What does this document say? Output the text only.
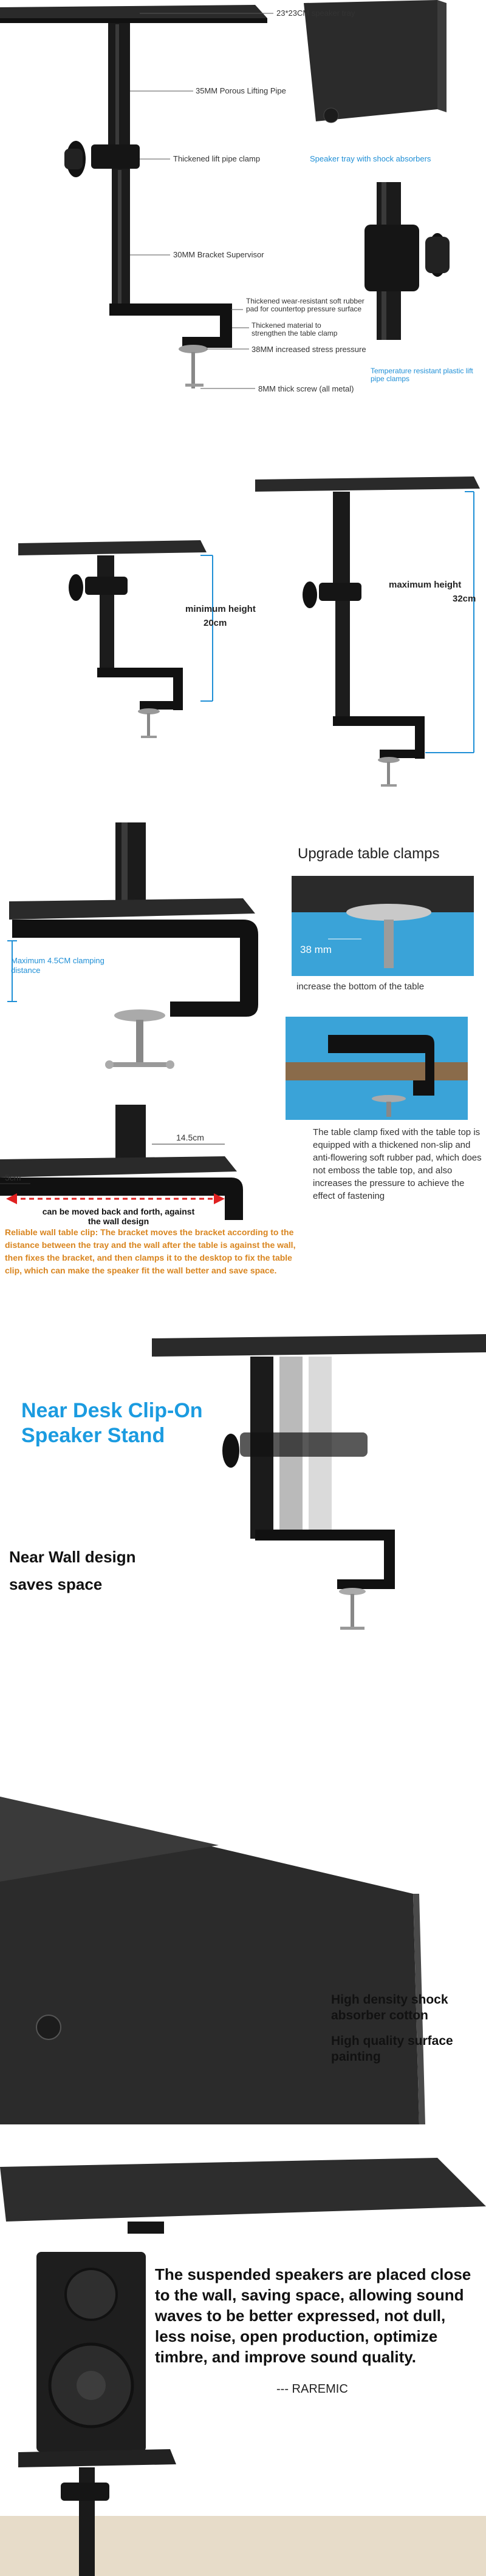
23*23CM speaker tray
35MM Porous Lifting Pipe
Thickened lift pipe clamp	Speaker tray with shock absorbers
30MM Bracket Supervisor
Thickened wear-resistant soft rubber pad for countertop pressure surface
Thickened material to strengthen the table clamp
38MM increased stress pressure
Temperature resistant plastic lift pipe clamps
8MM thick screw (all metal)
minimum height
20cm
maximum height
32cm
Upgrade table clamps
Maximum 4.5CM clamping distance
38 mm
increase the bottom of the table
The table clamp fixed with the table top is equipped with a thickened non-slip and anti-flowering soft rubber pad, which does not emboss the table top, and also increases the pressure to achieve the effect of fastening
14.5cm
5cm
can be moved back and forth, against the wall design
Reliable wall table clip: The bracket moves the bracket according to the distance between the tray and the wall after the table is against the wall, then fixes the bracket, and then clamps it to the desktop to fix the table clip, which can make the speaker fit the wall better and save space.
Near Desk Clip-On
Speaker Stand
Near Wall design
saves space
High density shock absorber cotton
High quality surface painting
The suspended speakers are placed close to the wall, saving space, allowing sound waves to be better expressed, not dull, less noise, open production, optimize timbre, and improve sound quality.
--- RAREMIC
